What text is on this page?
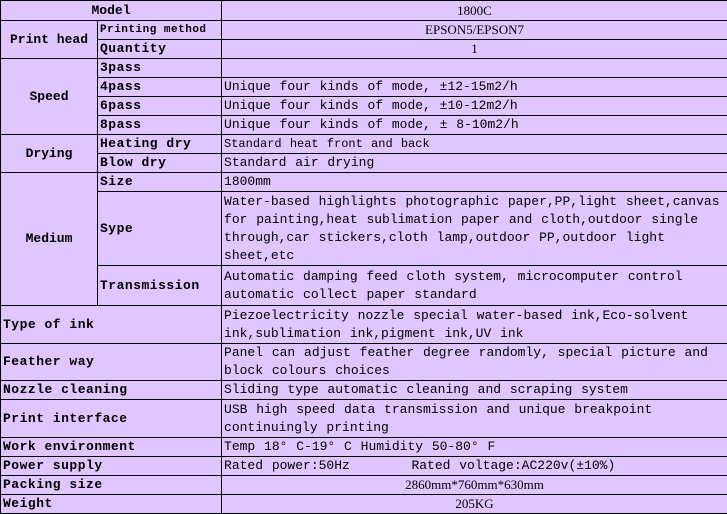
Model		1800C
Print head	Printing method	EPSON5/EPSON7
	Quantity	1
Speed	3pass	
	4pass	Unique four kinds of mode, ±12-15m2/h
	6pass	Unique four kinds of mode, ±10-12m2/h
	8pass	Unique four kinds of mode, ± 8-10m2/h
Drying	Heating dry	Standard heat front and back
	Blow dry	Standard air drying
Medium	Size	1800mm
	Sype	Water-based highlights photographic paper,PP,light sheet,canvas for painting,heat sublimation paper and cloth,outdoor single through,car stickers,cloth lamp,outdoor PP,outdoor light sheet,etc
	Transmission	Automatic damping feed cloth system, microcomputer control automatic collect paper standard
Type of ink		Piezoelectricity nozzle special water-based ink,Eco-solvent ink,sublimation ink,pigment ink,UV ink
Feather way		Panel can adjust feather degree randomly, special picture and block colours choices
Nozzle cleaning		Sliding type automatic cleaning and scraping system
Print interface		USB high speed data transmission and unique breakpoint continuingly printing
Work environment		Temp 18° C-19° C Humidity 50-80° F
Power supply		Rated power:50Hz       Rated voltage:AC220v(±10%)
Packing size		2860mm*760mm*630mm
Weight		205KG
